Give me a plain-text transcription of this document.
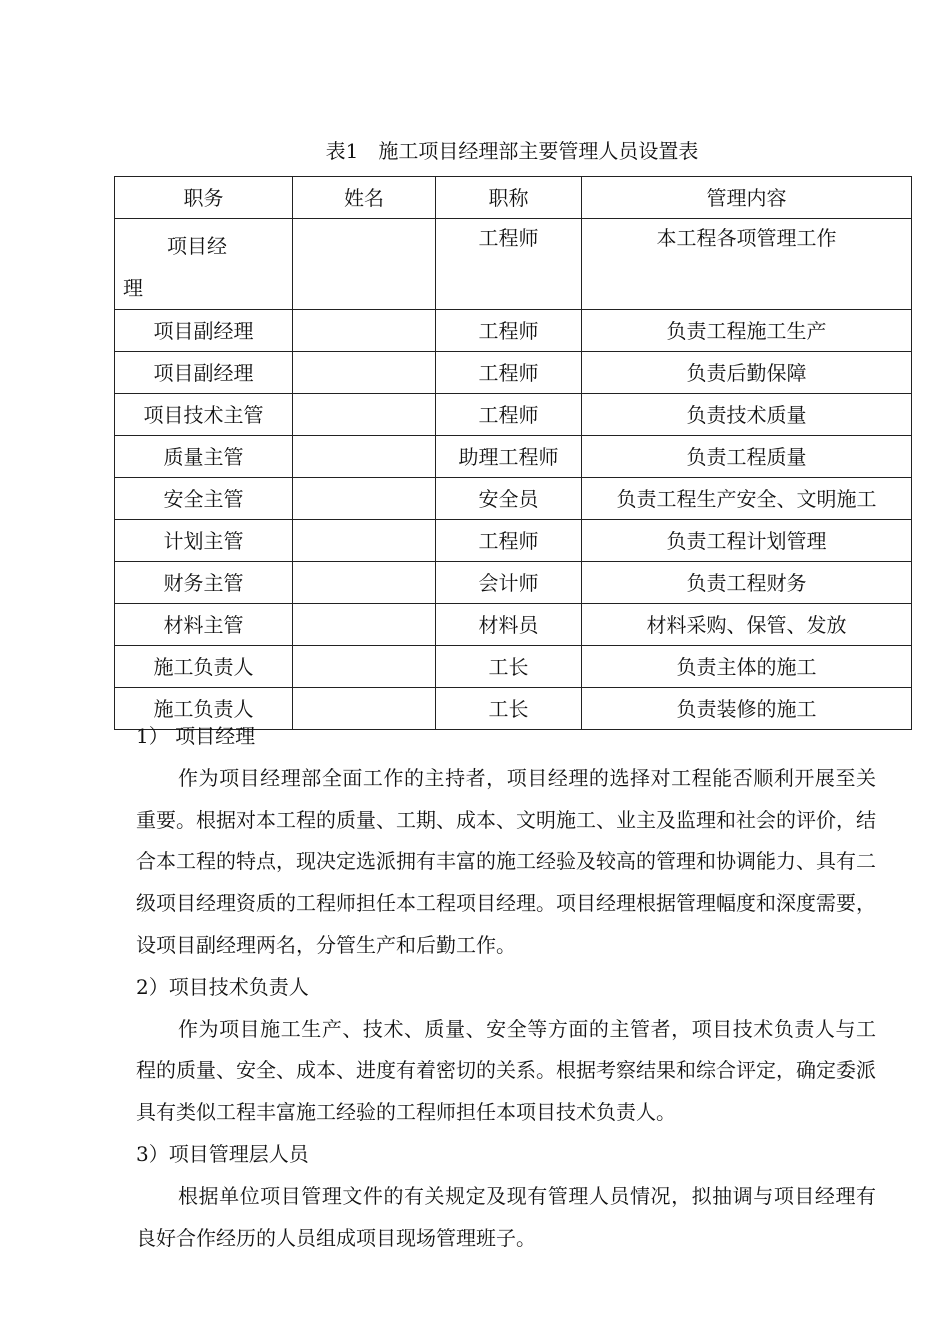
表1　施工项目经理部主要管理人员设置表
职务	姓名	职称	管理内容

项目经
理		工程师	本工程各项管理工作
项目副经理		工程师	负责工程施工生产
项目副经理		工程师	负责后勤保障
项目技术主管		工程师	负责技术质量
质量主管		助理工程师	负责工程质量
安全主管		安全员	负责工程生产安全、文明施工
计划主管		工程师	负责工程计划管理
财务主管		会计师	负责工程财务
材料主管		材料员	材料采购、保管、发放
施工负责人		工长	负责主体的施工
施工负责人		工长	负责装修的施工

1） 项目经理

作为项目经理部全面工作的主持者，项目经理的选择对工程能否顺利开展至关重要。根据对本工程的质量、工期、成本、文明施工、业主及监理和社会的评价，结合本工程的特点，现决定选派拥有丰富的施工经验及较高的管理和协调能力、具有二级项目经理资质的工程师担任本工程项目经理。项目经理根据管理幅度和深度需要，设项目副经理两名，分管生产和后勤工作。

2）项目技术负责人

作为项目施工生产、技术、质量、安全等方面的主管者，项目技术负责人与工程的质量、安全、成本、进度有着密切的关系。根据考察结果和综合评定，确定委派具有类似工程丰富施工经验的工程师担任本项目技术负责人。

3）项目管理层人员

根据单位项目管理文件的有关规定及现有管理人员情况，拟抽调与项目经理有良好合作经历的人员组成项目现场管理班子。
